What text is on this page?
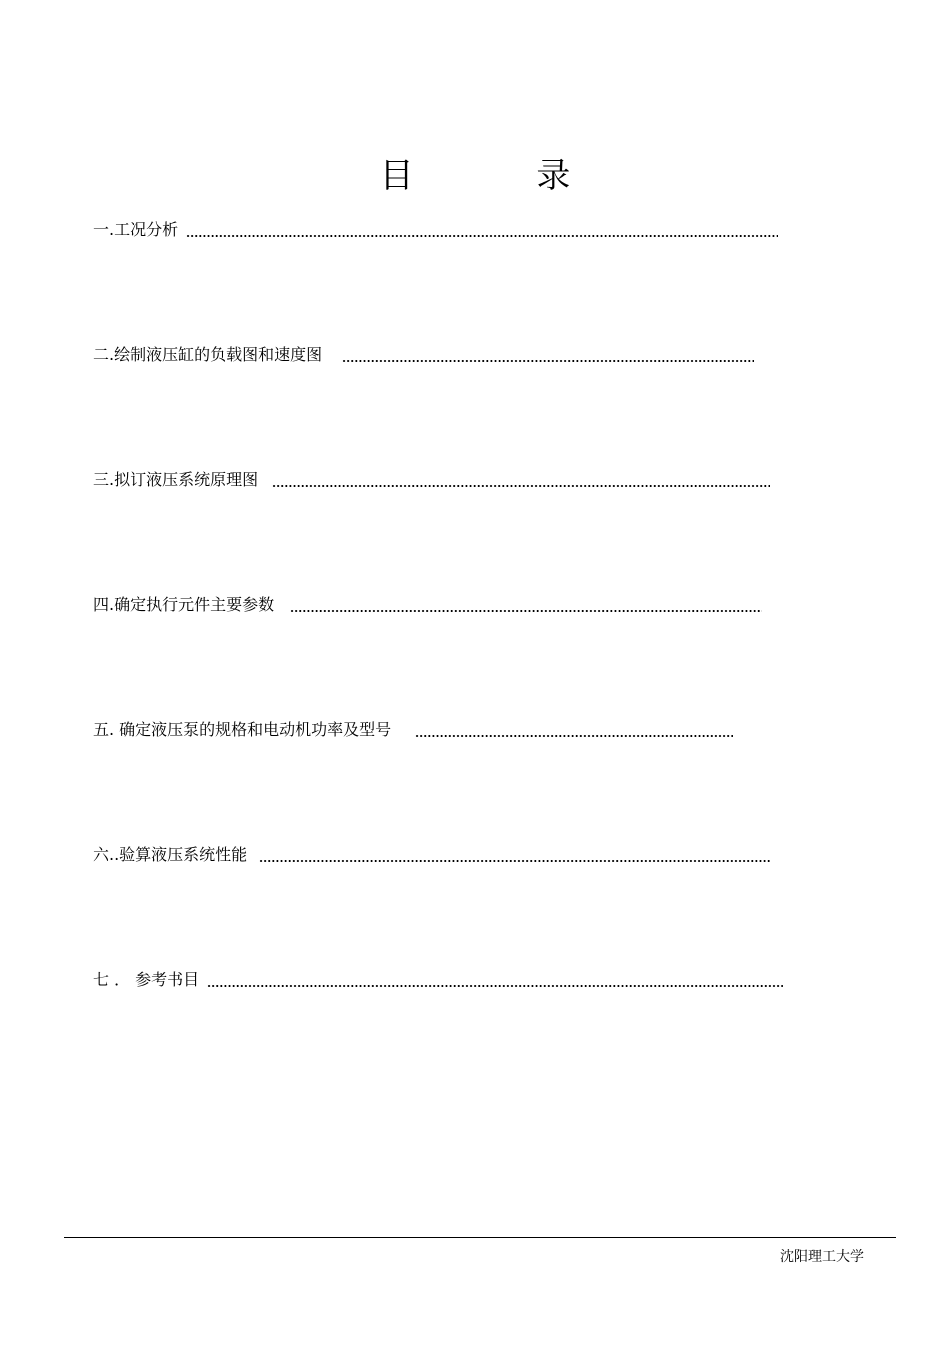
目 录
一.工况分析
二.绘制液压缸的负载图和速度图
三.拟订液压系统原理图
四.确定执行元件主要参数
五. 确定液压泵的规格和电动机功率及型号
六..验算液压系统性能
七 ． 参考书目
沈阳理工大学
